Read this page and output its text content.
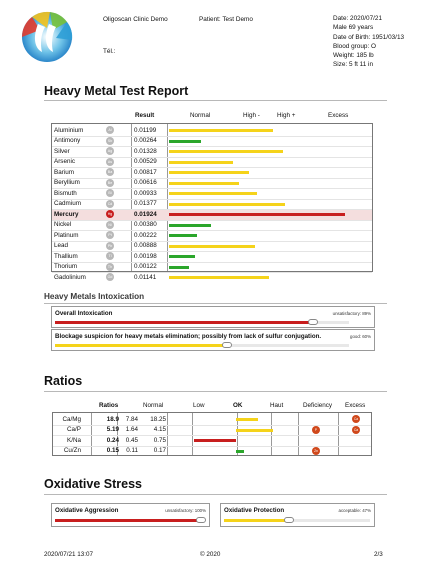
Oligoscan Clinic Demo
Tél.:
Patient: Test Demo	Date: 2020/07/21
Male 69 years
Date of Birth: 1951/03/13
Blood group: O
Weight: 185 lb
Size: 5 ft 11 in
Heavy Metal Test Report
Result	Normal	High -	High +	Excess
Aluminium	Al	0.01199
Antimony	Sb	0.00264
Silver	Ag	0.01328
Arsenic	As	0.00529
Barium	Ba	0.00817
Beryllium	Be	0.00616
Bismuth	Bi	0.00933
Cadmium	Cd	0.01377
Mercury	Hg	0.01924
Nickel	Ni	0.00380
Platinum	Pt	0.00222
Lead	Pb	0.00888
Thallium	Tl	0.00198
Thorium	Th	0.00122
Gadolinium	Gd	0.01141
Heavy Metals Intoxication
Overall Intoxication	unsatisfactory: 89%
Blockage suspicion for heavy metals elimination; possibly from lack of sulfur conjugation.	good: 60%
Ratios
Ratios	Normal	Low	OK	Haut	Deficiency Excess
Ca/Mg	18.9	7.84 18.25	Ca
Ca/P	5.19	1.64	4.15	P	Ca
K/Na	0.24	0.45	0.75
Cu/Zn	0.15	0.11	0.17	Zn
Oxidative Stress
Oxidative Aggression	unsatisfactory: 100%	Oxidative Protection	acceptable: 47%
2020/07/21 13:07	© 2020	2/3
